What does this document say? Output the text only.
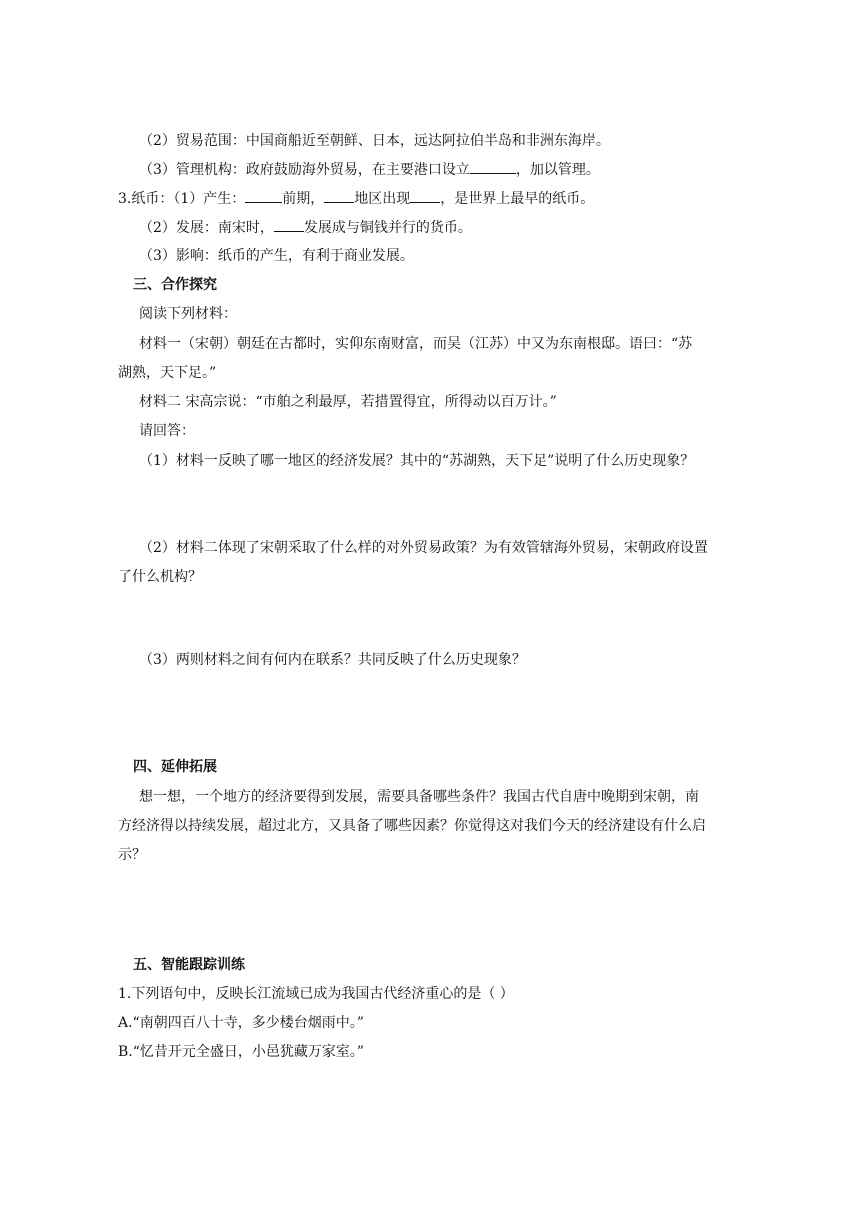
（2）贸易范围：中国商船近至朝鲜、日本，远达阿拉伯半岛和非洲东海岸。
（3）管理机构：政府鼓励海外贸易，在主要港口设立	，加以管理。
3.纸币：（1）产生：	前期， 地区出现 ，是世界上最早的纸币。
（2）发展：南宋时， 发展成与铜钱并行的货币。
（3）影响：纸币的产生，有利于商业发展。
三、合作探究
阅读下列材料：
材料一（宋朝）朝廷在古都时，实仰东南财富，而吴（江苏）中又为东南根邸。语曰：“苏
湖熟，天下足。”
材料二 宋高宗说：“市舶之利最厚，若措置得宜，所得动以百万计。”
请回答：
（1）材料一反映了哪一地区的经济发展？其中的“苏湖熟，天下足”说明了什么历史现象？
（2）材料二体现了宋朝采取了什么样的对外贸易政策？为有效管辖海外贸易，宋朝政府设置
了什么机构？
（3）两则材料之间有何内在联系？共同反映了什么历史现象？
四、延伸拓展
想一想，一个地方的经济要得到发展，需要具备哪些条件？我国古代自唐中晚期到宋朝，南
方经济得以持续发展，超过北方，又具备了哪些因素？你觉得这对我们今天的经济建设有什么启
示？
五、智能跟踪训练
1.下列语句中，反映长江流域已成为我国古代经济重心的是（ ）
A.“南朝四百八十寺，多少楼台烟雨中。”
B.“忆昔开元全盛日，小邑犹藏万家室。”
